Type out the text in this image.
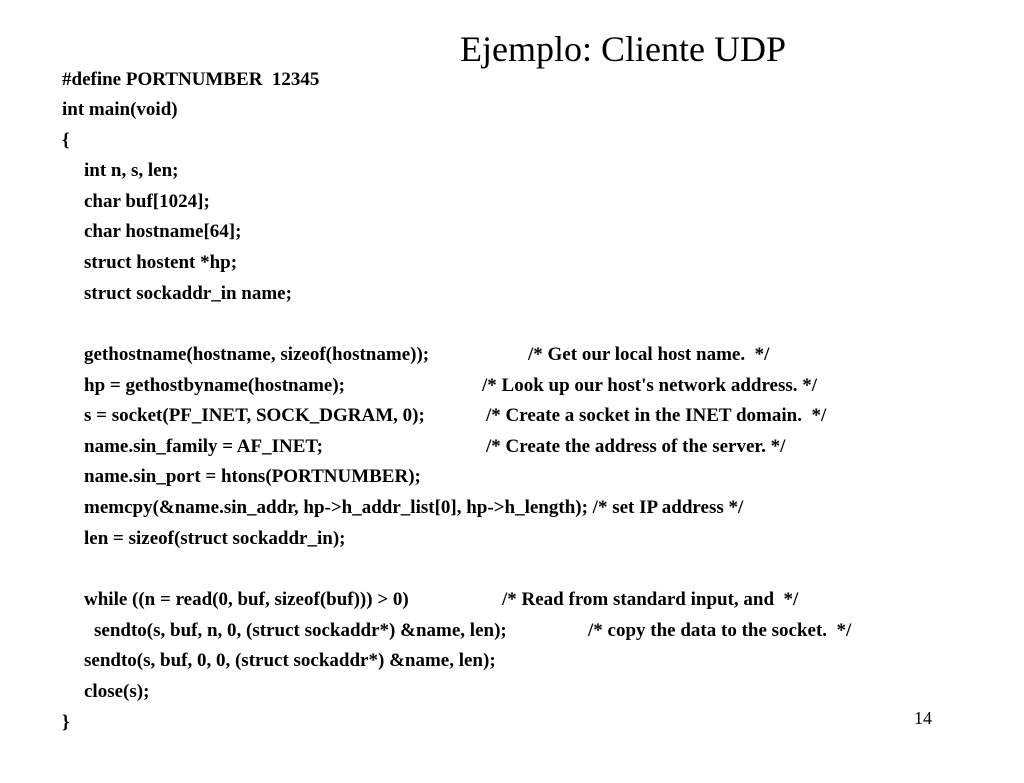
Ejemplo: Cliente UDP

#define PORTNUMBER  12345

int main(void)

{

int n, s, len;

char buf[1024];

char hostname[64];

struct hostent *hp;

struct sockaddr_in name;

gethostname(hostname, sizeof(hostname));

	/* Get our local host name.  */

hp = gethostbyname(hostname);

	/* Look up our host's network address. */

s = socket(PF_INET, SOCK_DGRAM, 0);

	/* Create a socket in the INET domain.  */

name.sin_family = AF_INET;

	/* Create the address of the server. */

name.sin_port = htons(PORTNUMBER);

memcpy(&name.sin_addr, hp->h_addr_list[0], hp->h_length); /* set IP address */

len = sizeof(struct sockaddr_in);

while ((n = read(0, buf, sizeof(buf))) > 0)

	/* Read from standard input, and  */

sendto(s, buf, n, 0, (struct sockaddr*) &name, len);

	/* copy the data to the socket.  */

sendto(s, buf, 0, 0, (struct sockaddr*) &name, len);

close(s);

}

	14
